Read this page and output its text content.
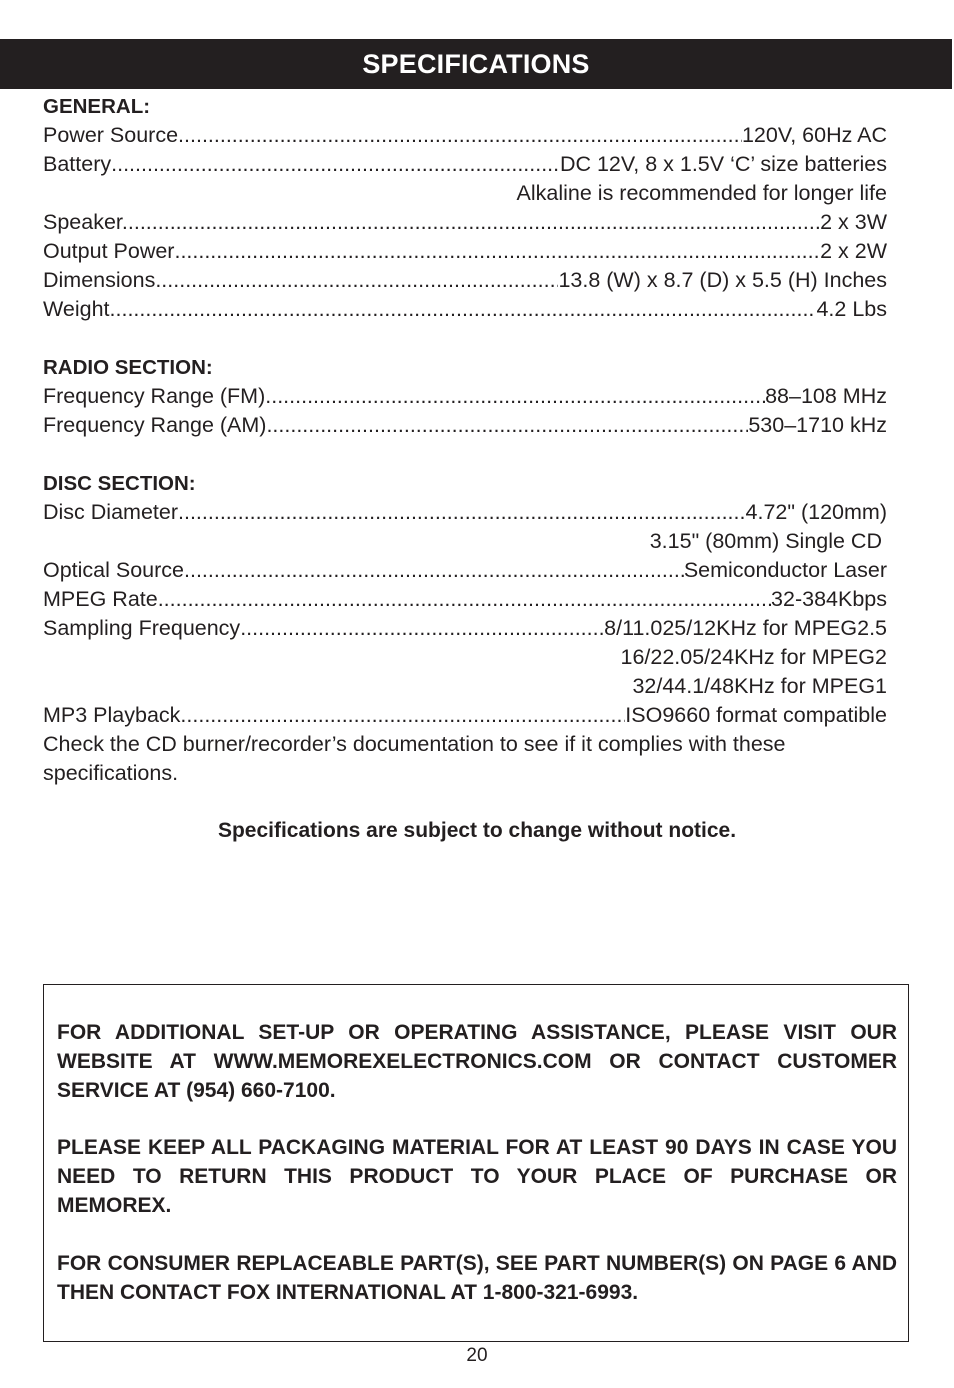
SPECIFICATIONS
GENERAL:
Power Source .....	120V, 60Hz AC
Battery .....	DC 12V, 8 x 1.5V ‘C’ size batteries
Alkaline is recommended for longer life
Speaker. .....	2 x 3W
Output Power .....	2 x 2W
Dimensions .....	13.8 (W) x 8.7 (D) x 5.5 (H) Inches
Weight .....	4.2 Lbs
RADIO SECTION:
Frequency Range (FM) .....	88–108 MHz
Frequency Range (AM) .....	530–1710 kHz
DISC SECTION:
Disc Diameter .....	4.72" (120mm)
3.15" (80mm) Single CD
Optical Source .....	Semiconductor Laser
MPEG Rate .....	32-384Kbps
Sampling Frequency .....	8/11.025/12KHz for MPEG2.5
16/22.05/24KHz for MPEG2
32/44.1/48KHz for MPEG1
MP3 Playback .....	ISO9660 format compatible
Check the CD burner/recorder’s documentation to see if it complies with these specifications.
Specifications are subject to change without notice.
FOR ADDITIONAL SET-UP OR OPERATING ASSISTANCE, PLEASE VISIT OUR WEBSITE AT WWW.MEMOREXELECTRONICS.COM OR CONTACT CUSTOMER SERVICE AT (954) 660-7100.
PLEASE KEEP ALL PACKAGING MATERIAL FOR AT LEAST 90 DAYS IN CASE YOU NEED TO RETURN THIS PRODUCT TO YOUR PLACE OF PURCHASE OR MEMOREX.
FOR CONSUMER REPLACEABLE PART(S), SEE PART NUMBER(S) ON PAGE 6 AND THEN CONTACT FOX INTERNATIONAL AT 1-800-321-6993.
20
